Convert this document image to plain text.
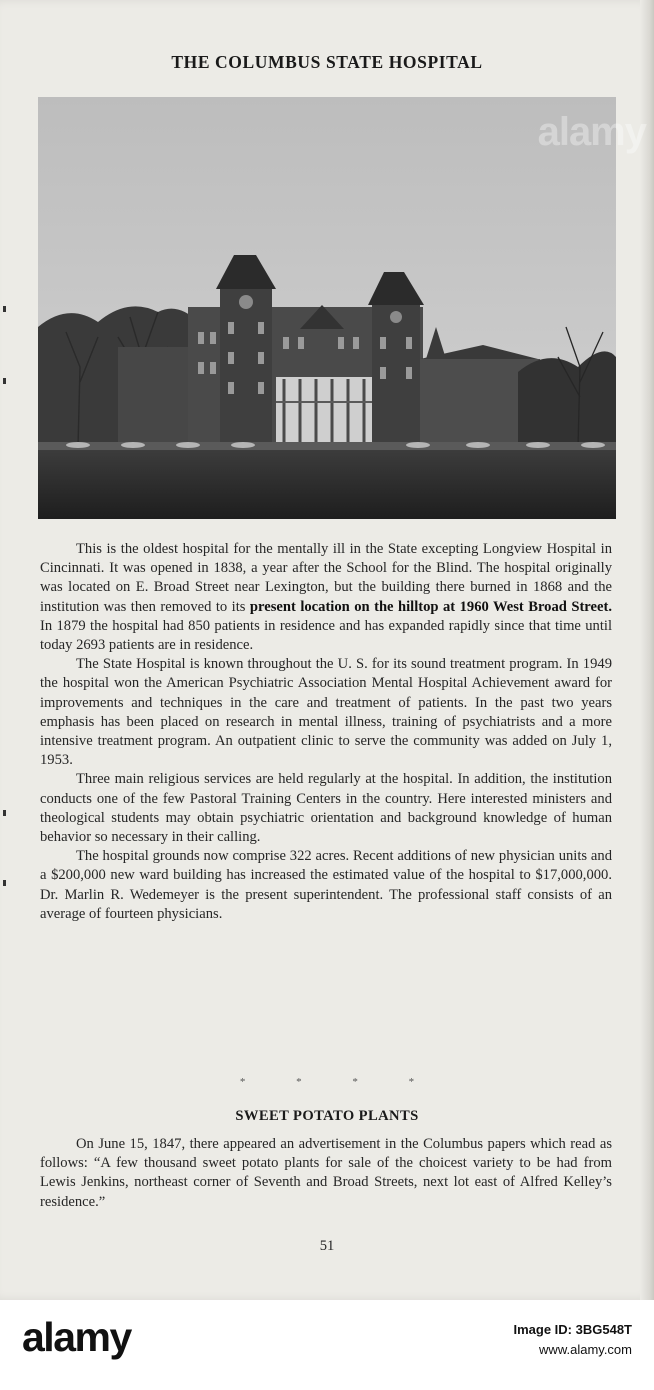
THE COLUMBUS STATE HOSPITAL
alamy

This is the oldest hospital for the mentally ill in the State excepting Longview Hospital in Cincinnati. It was opened in 1838, a year after the School for the Blind. The hospital originally was located on E. Broad Street near Lexington, but the building there burned in 1868 and the institution was then removed to its present location on the hilltop at 1960 West Broad Street. In 1879 the hospital had 850 patients in residence and has expanded rapidly since that time until today 2693 patients are in residence.

The State Hospital is known throughout the U. S. for its sound treatment program. In 1949 the hospital won the American Psychiatric Association Mental Hospital Achievement award for improvements and techniques in the care and treatment of patients. In the past two years emphasis has been placed on research in mental illness, training of psychiatrists and a more intensive treatment program. An outpatient clinic to serve the community was added on July 1, 1953.

Three main religious services are held regularly at the hospital. In addition, the institution conducts one of the few Pastoral Training Centers in the country. Here interested ministers and theological students may obtain psychiatric orientation and background knowledge of human behavior so necessary in their calling.

The hospital grounds now comprise 322 acres. Recent additions of new physician units and a $200,000 new ward building has increased the estimated value of the hospital to $17,000,000. Dr. Marlin R. Wedemeyer is the present superintendent. The professional staff consists of an average of fourteen physicians.

* * * *
SWEET POTATO PLANTS

On June 15, 1847, there appeared an advertisement in the Columbus papers which read as follows: “A few thousand sweet potato plants for sale of the choicest variety to be had from Lewis Jenkins, northeast corner of Seventh and Broad Streets, next lot east of Alfred Kelley’s residence.”

51
alamy	Image ID: 3BG548T
www.alamy.com
